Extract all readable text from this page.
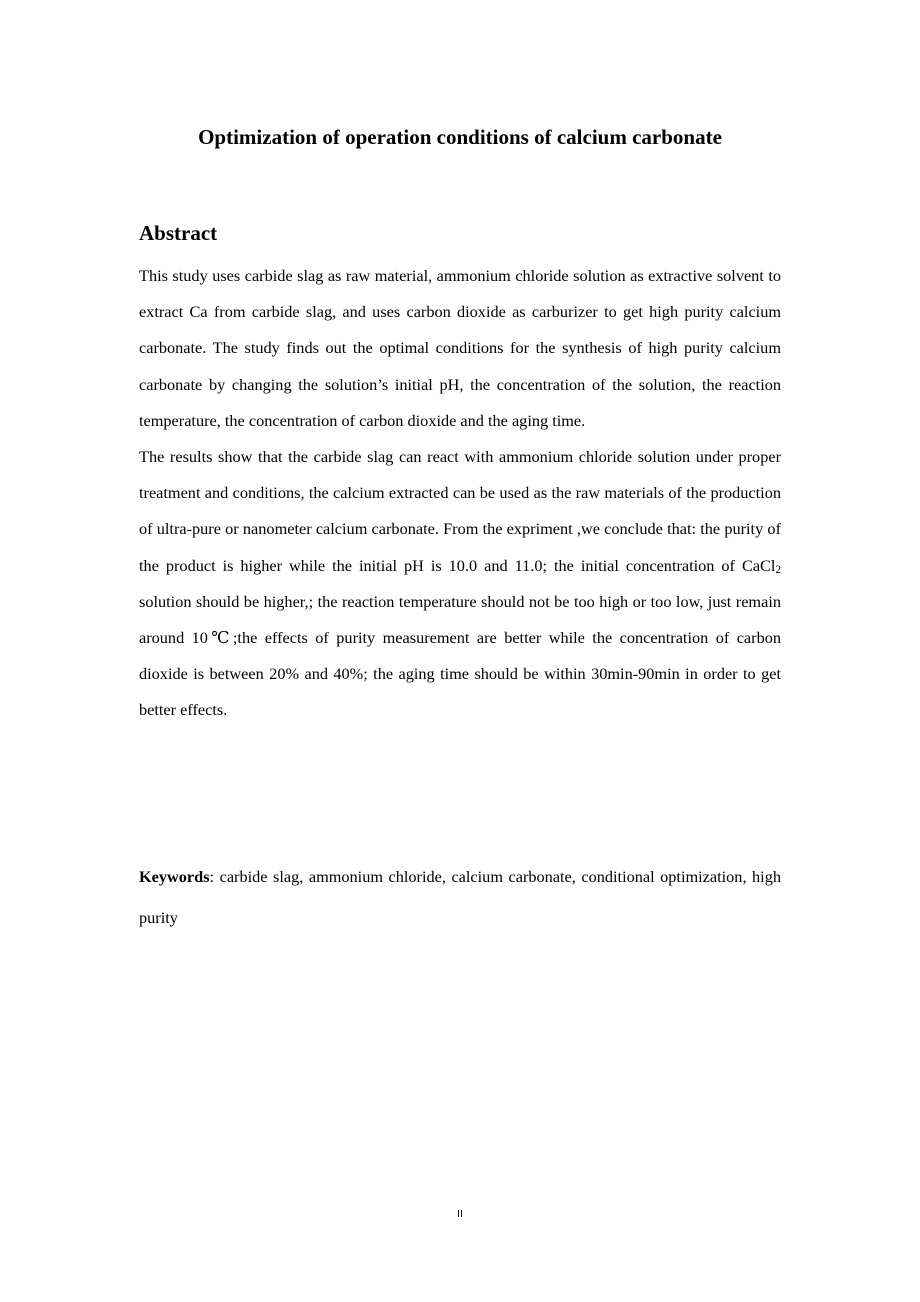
Optimization of operation conditions of calcium carbonate
Abstract

This study uses carbide slag as raw material, ammonium chloride solution as extractive solvent to extract Ca from carbide slag, and uses carbon dioxide as carburizer to get high purity calcium carbonate. The study finds out the optimal conditions for the synthesis of high purity calcium carbonate by changing the solution’s initial pH, the concentration of the solution, the reaction temperature, the concentration of carbon dioxide and the aging time.

The results show that the carbide slag can react with ammonium chloride solution under proper treatment and conditions, the calcium extracted can be used as the raw materials of the production of ultra-pure or nanometer calcium carbonate. From the expriment ,we conclude that: the purity of the product is higher while the initial pH is 10.0 and 11.0; the initial concentration of CaCl$_2$ solution should be higher,; the reaction temperature should not be too high or too low, just remain around 10℃;the effects of purity measurement are better while the concentration of carbon dioxide is between 20% and 40%; the aging time should be within 30min-90min in order to get better effects.

Keywords: carbide slag, ammonium chloride, calcium carbonate, conditional optimization, high purity
II
